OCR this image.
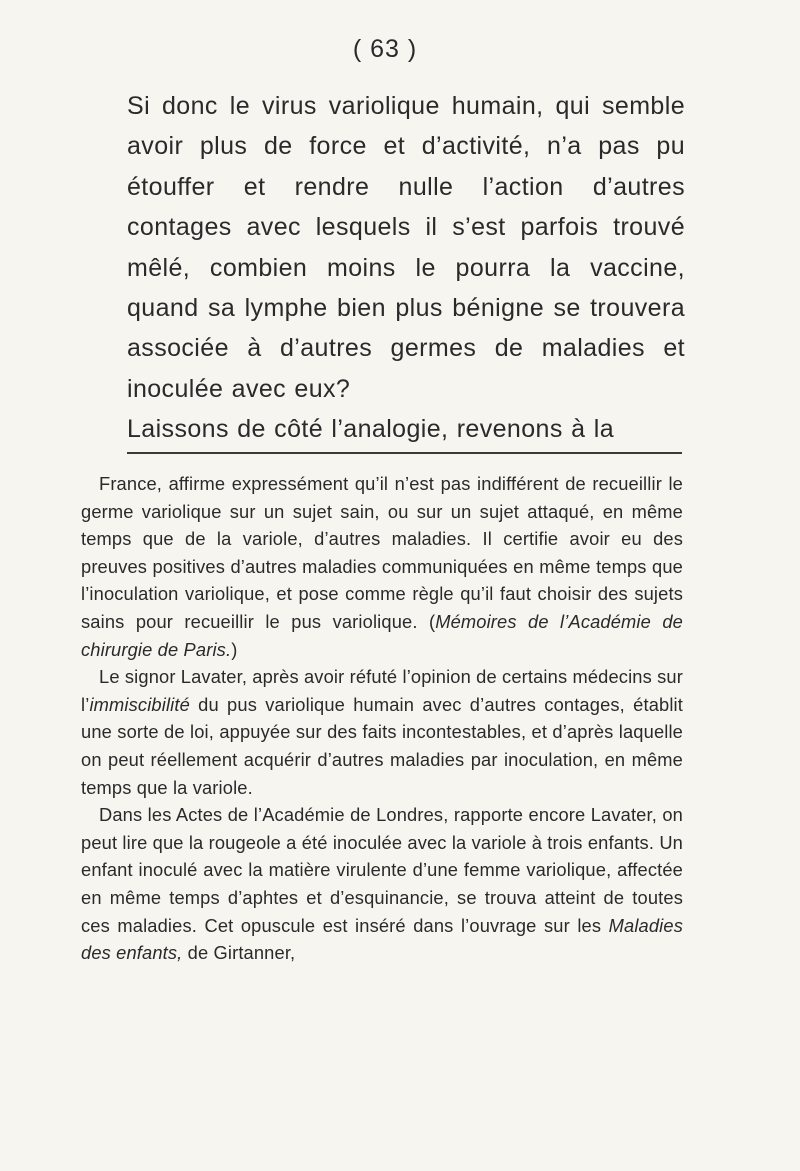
( 63 )

Si donc le virus variolique humain, qui semble avoir plus de force et d’activité, n’a pas pu étouffer et rendre nulle l’action d’autres contages avec lesquels il s’est parfois trouvé mêlé, combien moins le pourra la vaccine, quand sa lymphe bien plus bénigne se trouvera associée à d’autres germes de maladies et inoculée avec eux?

Laissons de côté l’analogie, revenons à la

France, affirme expressément qu’il n’est pas indifférent de recueillir le germe variolique sur un sujet sain, ou sur un sujet attaqué, en même temps que de la variole, d’autres maladies. Il certifie avoir eu des preuves positives d’autres maladies communiquées en même temps que l’inoculation variolique, et pose comme règle qu’il faut choisir des sujets sains pour recueillir le pus variolique. (Mémoires de l’Académie de chirurgie de Paris.)

Le signor Lavater, après avoir réfuté l’opinion de certains médecins sur l’immiscibilité du pus variolique humain avec d’autres contages, établit une sorte de loi, appuyée sur des faits incontestables, et d’après laquelle on peut réellement acquérir d’autres maladies par inoculation, en même temps que la variole.

Dans les Actes de l’Académie de Londres, rapporte encore Lavater, on peut lire que la rougeole a été inoculée avec la variole à trois enfants. Un enfant inoculé avec la matière virulente d’une femme variolique, affectée en même temps d’aphtes et d’esquinancie, se trouva atteint de toutes ces maladies. Cet opuscule est inséré dans l’ouvrage sur les Maladies des enfants, de Girtanner,
